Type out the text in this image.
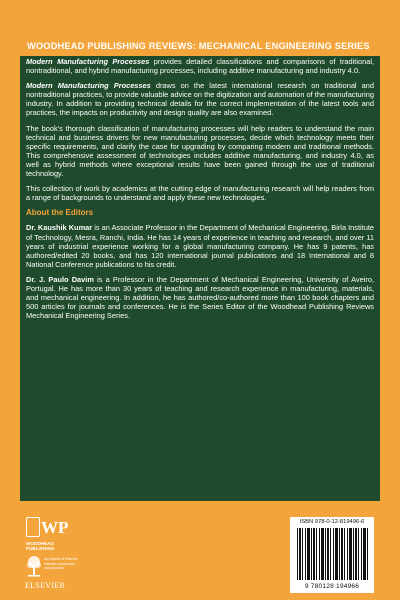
WOODHEAD PUBLISHING REVIEWS: MECHANICAL ENGINEERING SERIES

Modern Manufacturing Processes provides detailed classifications and comparisons of traditional, nontraditional, and hybrid manufacturing processes, including additive manufacturing and industry 4.0.

Modern Manufacturing Processes draws on the latest international research on traditional and nontraditional practices, to provide valuable advice on the digitization and automation of the manufacturing industry. In addition to providing technical details for the correct implementation of the latest tools and practices, the impacts on productivity and design quality are also examined.

The book's thorough classification of manufacturing processes will help readers to understand the main technical and business drivers for new manufacturing processes, decide which technology meets their specific requirements, and clarify the case for upgrading by comparing modern and traditional methods. This comprehensive assessment of technologies includes additive manufacturing, and industry 4.0, as well as hybrid methods where exceptional results have been gained through the use of traditional technology.

This collection of work by academics at the cutting edge of manufacturing research will help readers from a range of backgrounds to understand and apply these new technologies.

About the Editors

Dr. Kaushik Kumar is an Associate Professor in the Department of Mechanical Engineering, Birla Institute of Technology, Mesra, Ranchi, India. He has 14 years of experience in teaching and research, and over 11 years of industrial experience working for a global manufacturing company. He has 9 patents, has authored/edited 20 books, and has 120 international journal publications and 18 International and 8 National Conference publications to his credit.

Dr. J. Paulo Davim is a Professor in the Department of Mechanical Engineering, University of Aveiro, Portugal. He has more than 30 years of teaching and research experience in manufacturing, materials, and mechanical engineering. In addition, he has authored/co-authored more than 100 book chapters and 500 articles for journals and conferences. He is the Series Editor of the Woodhead Publishing Reviews Mechanical Engineering Series.

WP
WOODHEAD
PUBLISHING
An imprint of Elsevier
elsevier.com/books-and-journals
ELSEVIER
ISBN 978-0-12-819496-6
9 780128 194966
